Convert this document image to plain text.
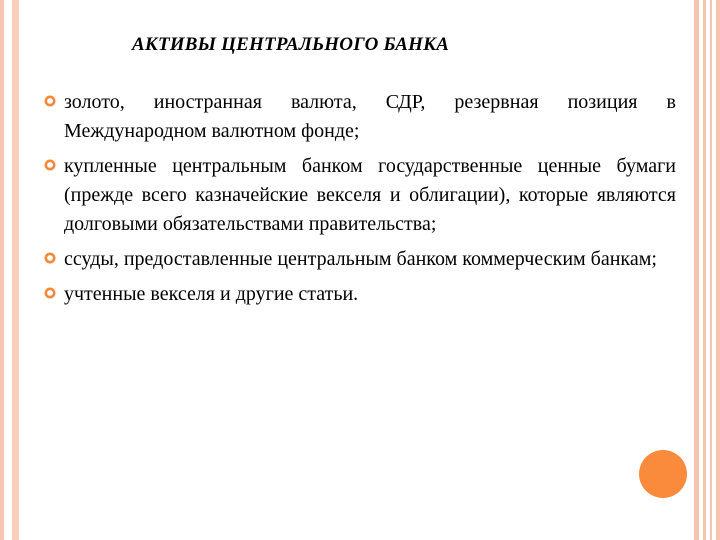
АКТИВЫ ЦЕНТРАЛЬНОГО БАНКА
золото, иностранная валюта, СДР, резервная позиция в Международном валютном фонде;
купленные центральным банком государственные ценные бумаги (прежде всего казначейские векселя и облигации), которые являются долговыми обязательствами правительства;
ссуды, предоставленные центральным банком коммерческим банкам;
учтенные векселя и другие статьи.
